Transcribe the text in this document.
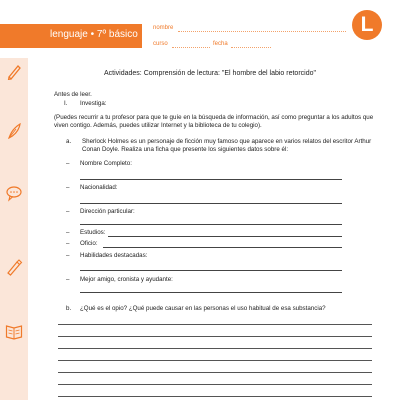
lenguaje • 7º básico
nombre
curso	fecha
L
Actividades: Comprensión de lectura: "El hombre del labio retorcido"
Antes de leer.
I. Investiga:
(Puedes recurrir a tu profesor para que te guíe en la búsqueda de información, así como preguntar a los adultos que viven contigo. Además, puedes utilizar Internet y la biblioteca de tu colegio).
a. Sherlock Holmes es un personaje de ficción muy famoso que aparece en varios relatos del escritor Arthur Conan Doyle. Realiza una ficha que presente los siguientes datos sobre él:
– Nombre Completo:
– Nacionalidad:
– Dirección particular:
– Estudios:
– Oficio:
– Habilidades destacadas:
– Mejor amigo, cronista y ayudante:
b. ¿Qué es el opio? ¿Qué puede causar en las personas el uso habitual de esa substancia?
